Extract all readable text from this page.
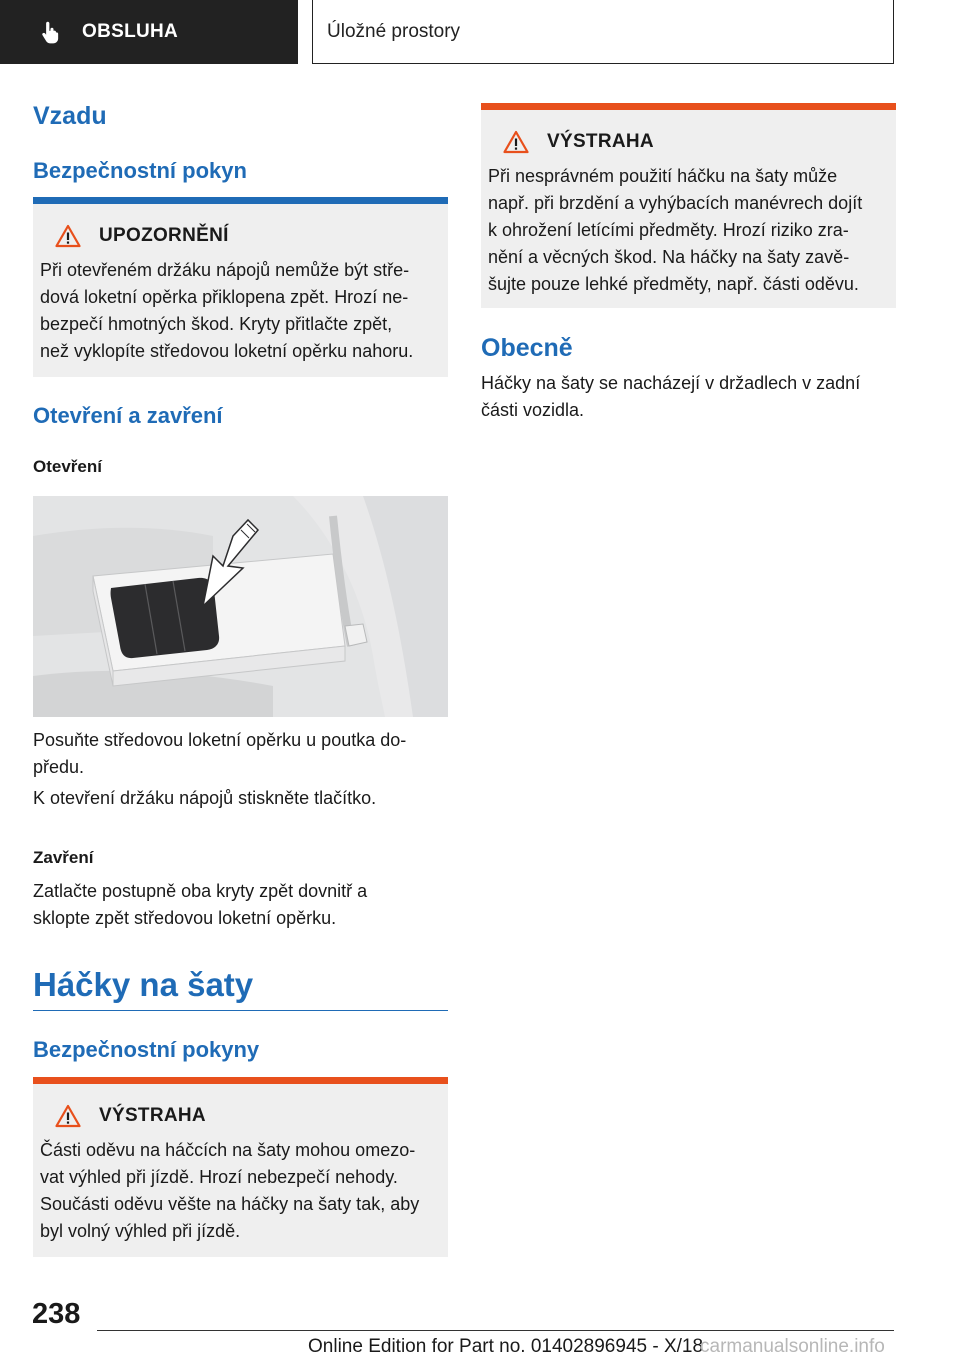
OBSLUHA	Úložné prostory
Vzadu
Bezpečnostní pokyn
UPOZORNĚNÍ
Při otevřeném držáku nápojů nemůže být stře-
dová loketní opěrka přiklopena zpět. Hrozí ne-
bezpečí hmotných škod. Kryty přitlačte zpět,
než vyklopíte středovou loketní opěrku nahoru.
Otevření a zavření
Otevření
Posuňte středovou loketní opěrku u poutka do-
předu.
K otevření držáku nápojů stiskněte tlačítko.
Zavření
Zatlačte postupně oba kryty zpět dovnitř a
sklopte zpět středovou loketní opěrku.
Háčky na šaty
Bezpečnostní pokyny
VÝSTRAHA
Části oděvu na háčcích na šaty mohou omezo-
vat výhled při jízdě. Hrozí nebezpečí nehody.
Součásti oděvu věšte na háčky na šaty tak, aby
byl volný výhled při jízdě.
VÝSTRAHA
Při nesprávném použití háčku na šaty může
např. při brzdění a vyhýbacích manévrech dojít
k ohrožení letícími předměty. Hrozí riziko zra-
nění a věcných škod. Na háčky na šaty zavě-
šujte pouze lehké předměty, např. části oděvu.
Obecně
Háčky na šaty se nacházejí v držadlech v zadní
části vozidla.
238
Online Edition for Part no. 01402896945 - X/18
carmanualsonline.info
